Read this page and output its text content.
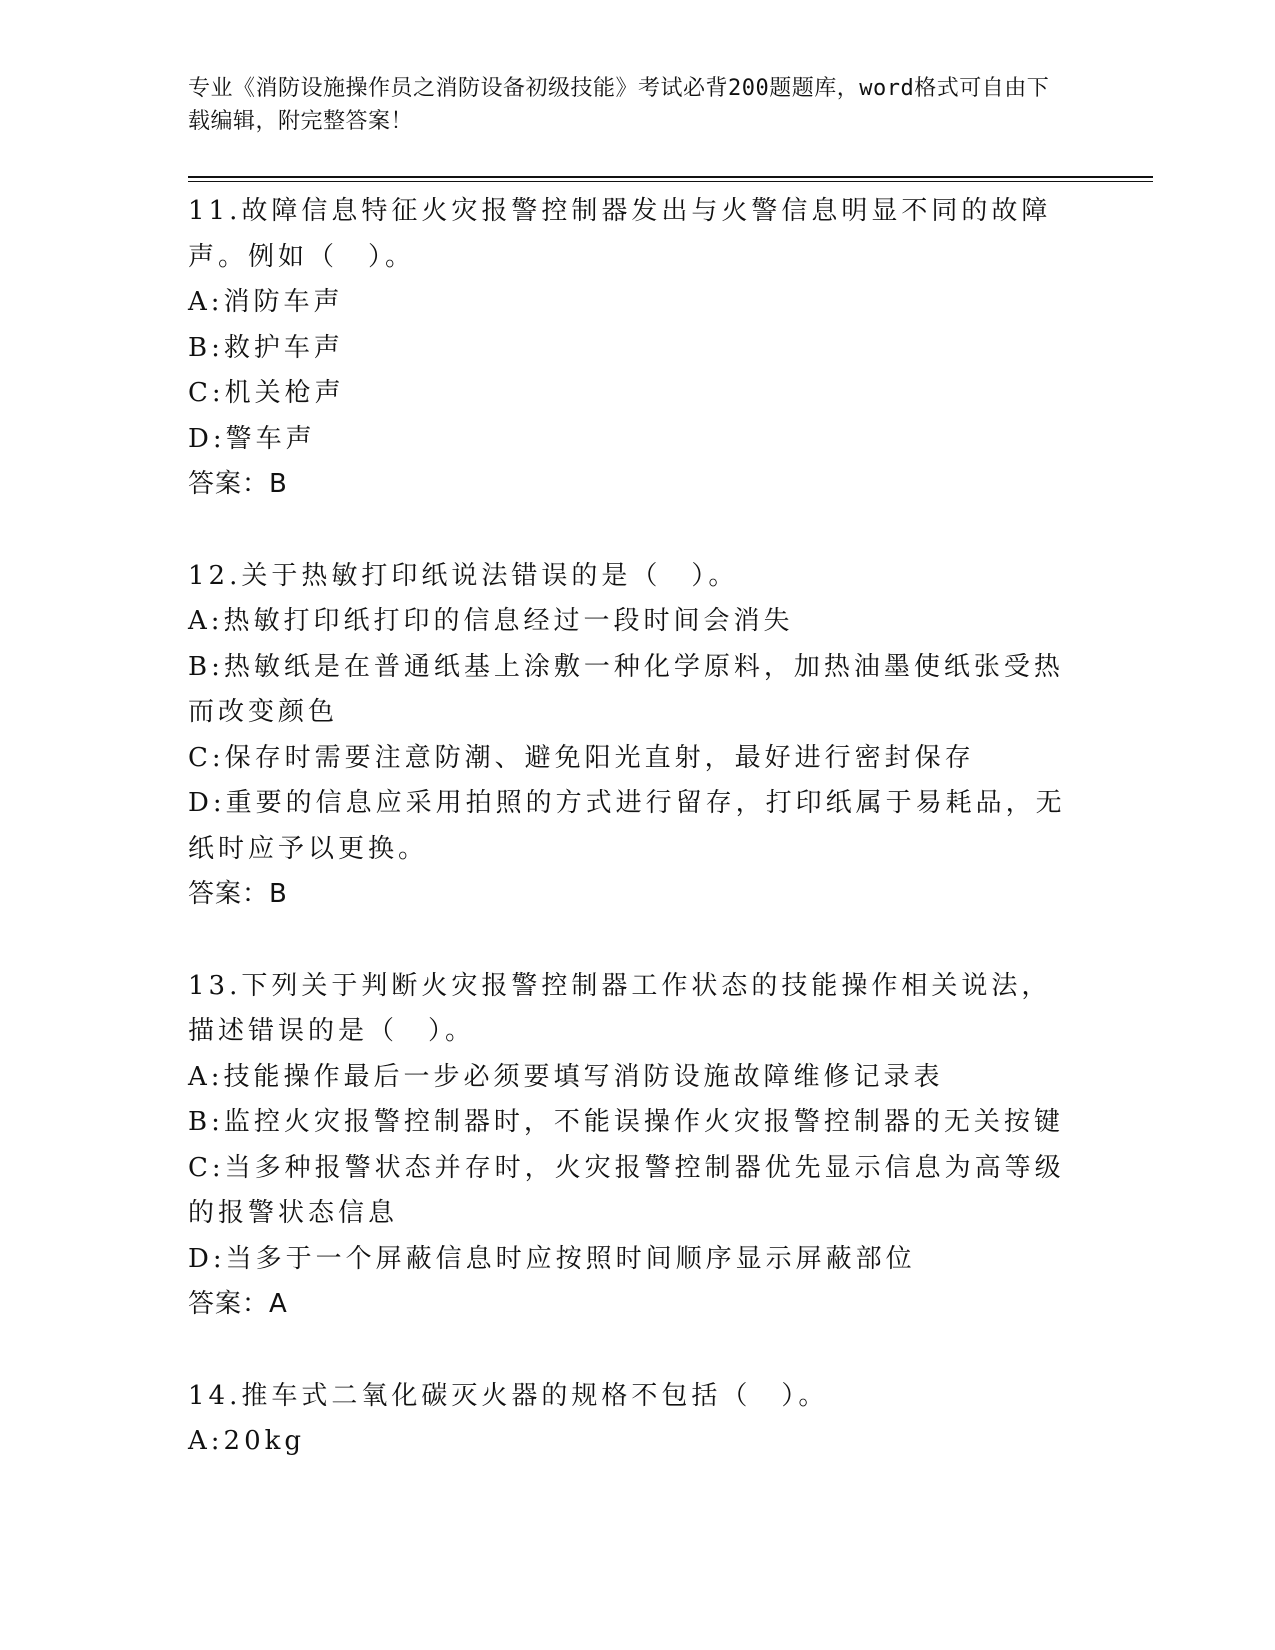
专业《消防设施操作员之消防设备初级技能》考试必背200题题库，word格式可自由下载编辑，附完整答案！
11.故障信息特征火灾报警控制器发出与火警信息明显不同的故障声。例如（　）。
A:消防车声
B:救护车声
C:机关枪声
D:警车声
答案：B
12.关于热敏打印纸说法错误的是（　）。
A:热敏打印纸打印的信息经过一段时间会消失
B:热敏纸是在普通纸基上涂敷一种化学原料，加热油墨使纸张受热而改变颜色
C:保存时需要注意防潮、避免阳光直射，最好进行密封保存
D:重要的信息应采用拍照的方式进行留存，打印纸属于易耗品，无纸时应予以更换。
答案：B
13.下列关于判断火灾报警控制器工作状态的技能操作相关说法，描述错误的是（　）。
A:技能操作最后一步必须要填写消防设施故障维修记录表
B:监控火灾报警控制器时，不能误操作火灾报警控制器的无关按键
C:当多种报警状态并存时，火灾报警控制器优先显示信息为高等级的报警状态信息
D:当多于一个屏蔽信息时应按照时间顺序显示屏蔽部位
答案：A
14.推车式二氧化碳灭火器的规格不包括（　）。
A:20kg
